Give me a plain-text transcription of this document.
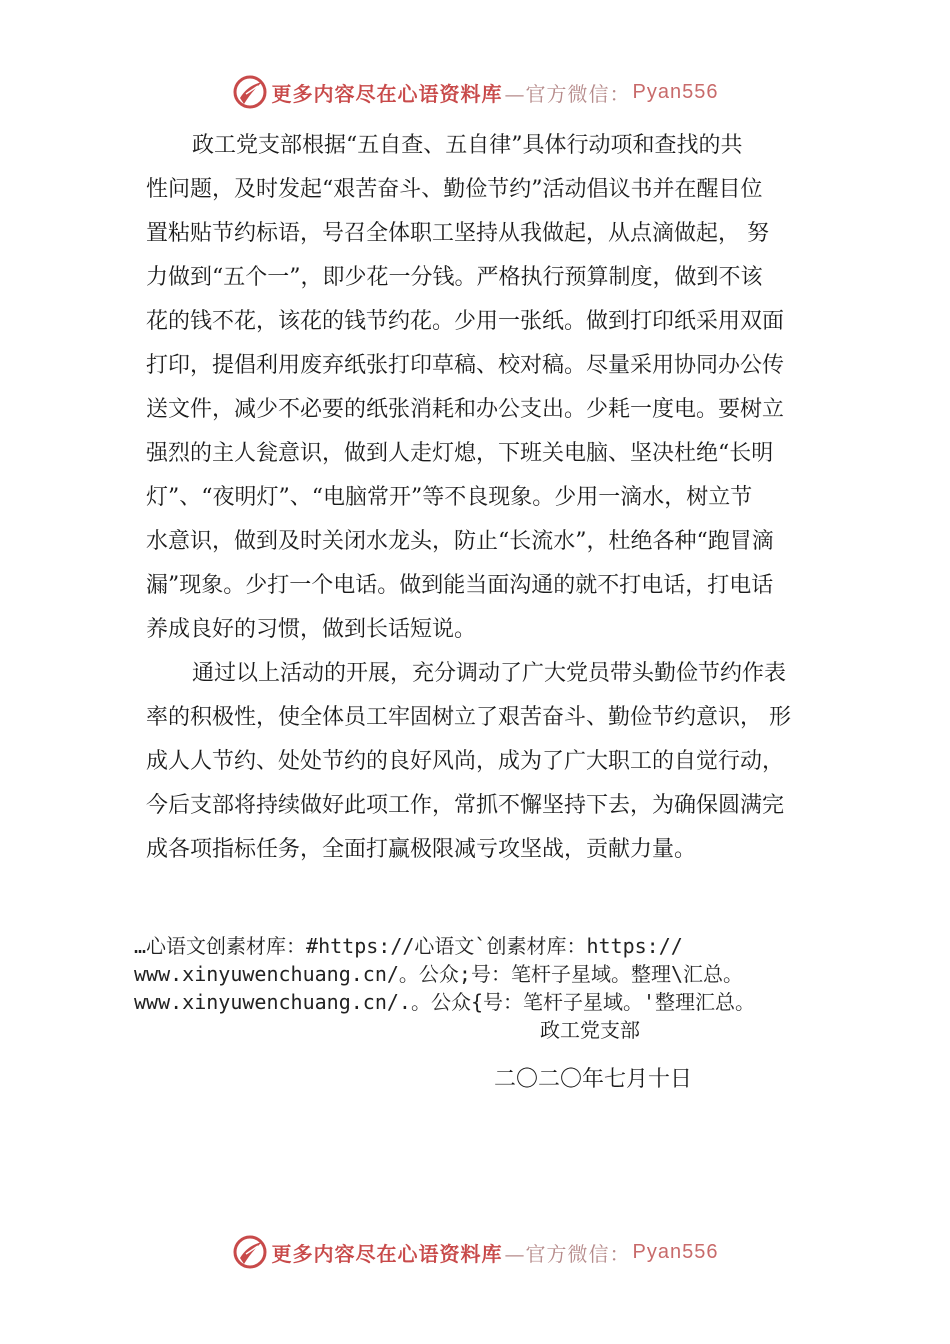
更多内容尽在心语资料库 —官方微信： Pyan556
政工党支部根据“五自查、五自律”具体行动项和查找的共
性问题，及时发起“艰苦奋斗、勤俭节约”活动倡议书并在醒目位
置粘贴节约标语，号召全体职工坚持从我做起，从点滴做起， 努
力做到“五个一”，即少花一分钱。严格执行预算制度，做到不该
花的钱不花，该花的钱节约花。少用一张纸。做到打印纸采用双面
打印，提倡利用废弃纸张打印草稿、校对稿。尽量采用协同办公传
送文件，减少不必要的纸张消耗和办公支出。少耗一度电。要树立
强烈的主人瓮意识，做到人走灯熄，下班关电脑、坚决杜绝“长明
灯”、“夜明灯”、“电脑常开”等不良现象。少用一滴水，树立节
水意识，做到及时关闭水龙头，防止“长流水”，杜绝各种“跑冒滴
漏”现象。少打一个电话。做到能当面沟通的就不打电话，打电话
养成良好的习惯，做到长话短说。
通过以上活动的开展，充分调动了广大党员带头勤俭节约作表
率的积极性，使全体员工牢固树立了艰苦奋斗、勤俭节约意识， 形
成人人节约、处处节约的良好风尚，成为了广大职工的自觉行动，
今后支部将持续做好此项工作，常抓不懈坚持下去，为确保圆满完
成各项指标任务，全面打赢极限减亏攻坚战，贡献力量。
…心语文创素材库：#https://心语文`创素材库：https://
www.xinyuwenchuang.cn/。公众;号：笔杆子星域。整理\汇总。
www.xinyuwenchuang.cn/.。公众{号：笔杆子星域。'整理汇总。
政工党支部
二〇二〇年七月十日
更多内容尽在心语资料库 —官方微信： Pyan556
